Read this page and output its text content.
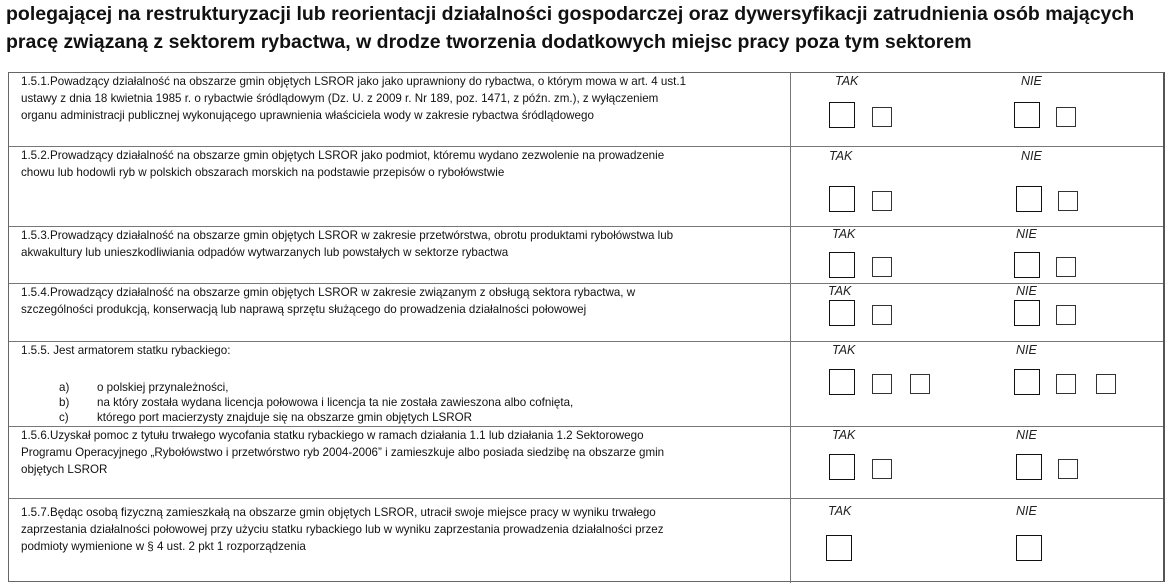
polegającej na restrukturyzacji lub reorientacji działalności gospodarczej oraz dywersyfikacji zatrudnienia osób mających
pracę związaną z sektorem rybactwa, w drodze tworzenia dodatkowych miejsc pracy poza tym sektorem
1.5.1.Powadzący działalność na obszarze gmin objętych LSROR jako jako uprawniony do rybactwa, o którym mowa w art. 4 ust.1
ustawy z dnia 18 kwietnia 1985 r. o rybactwie śródlądowym (Dz. U. z 2009 r. Nr 189, poz. 1471, z późn. zm.), z wyłączeniem
organu administracji publicznej wykonującego uprawnienia właściciela wody w zakresie rybactwa śródlądowego
TAK	NIE
1.5.2.Prowadzący działalność na obszarze gmin objętych LSROR jako podmiot, któremu wydano zezwolenie na prowadzenie
chowu lub hodowli ryb w polskich obszarach morskich na podstawie przepisów o rybołówstwie
TAK	NIE
1.5.3.Prowadzący działalność na obszarze gmin objętych LSROR w zakresie przetwórstwa, obrotu produktami rybołówstwa lub
akwakultury lub unieszkodliwiania odpadów wytwarzanych lub powstałych w sektorze rybactwa
TAK	NIE
1.5.4.Prowadzący działalność na obszarze gmin objętych LSROR w zakresie związanym z obsługą sektora rybactwa, w
szczególności produkcją, konserwacją lub naprawą sprzętu służącego do prowadzenia działalności połowowej
TAK	NIE
1.5.5. Jest armatorem statku rybackiego:
a) o polskiej przynależności,
b) na który została wydana licencja połowowa i licencja ta nie została zawieszona albo cofnięta,
c) którego port macierzysty znajduje się na obszarze gmin objętych LSROR
TAK	NIE
1.5.6.Uzyskał pomoc z tytułu trwałego wycofania statku rybackiego w ramach działania 1.1 lub działania 1.2 Sektorowego
Programu Operacyjnego „Rybołówstwo i przetwórstwo ryb 2004-2006” i zamieszkuje albo posiada siedzibę na obszarze gmin
objętych LSROR
TAK	NIE
1.5.7.Będąc osobą fizyczną zamieszkałą na obszarze gmin objętych LSROR, utracił swoje miejsce pracy w wyniku trwałego
zaprzestania działalności połowowej przy użyciu statku rybackiego lub w wyniku zaprzestania prowadzenia działalności przez
podmioty wymienione w § 4 ust. 2 pkt 1 rozporządzenia
TAK	NIE
